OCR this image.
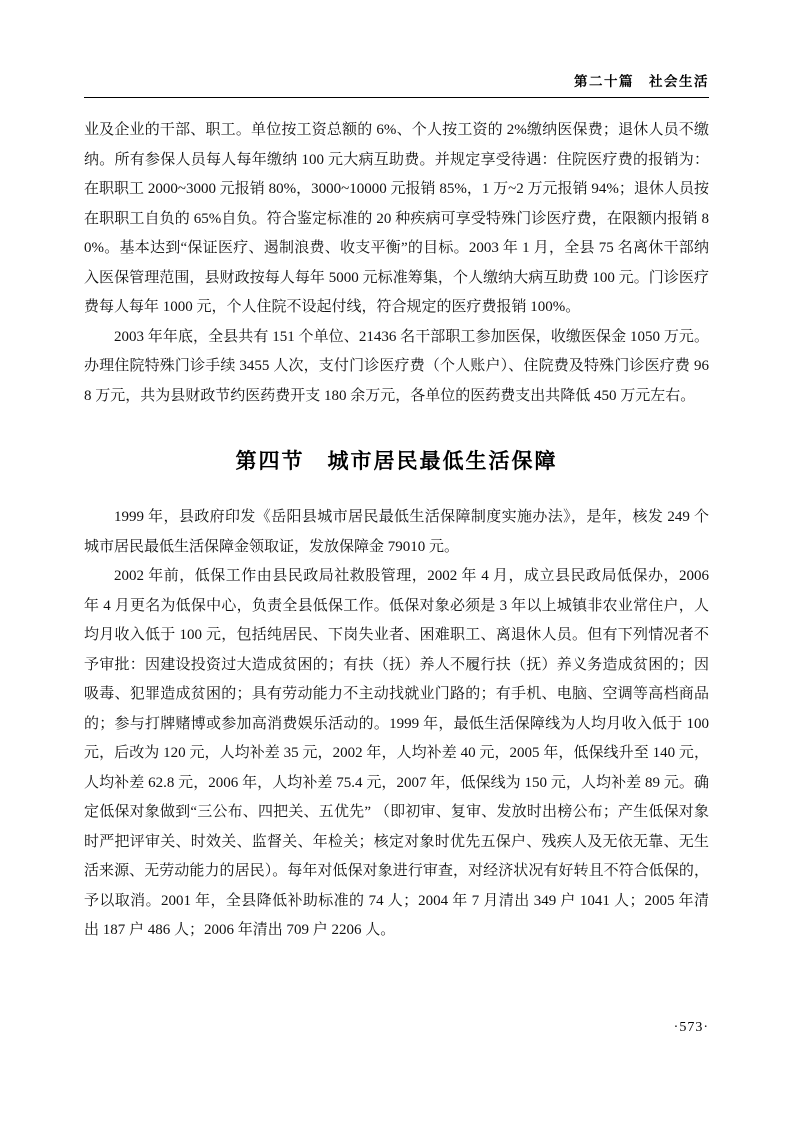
第二十篇　社会生活

业及企业的干部、职工。单位按工资总额的 6%、个人按工资的 2%缴纳医保费；退休人员不缴纳。所有参保人员每人每年缴纳 100 元大病互助费。并规定享受待遇：住院医疗费的报销为：在职职工 2000~3000 元报销 80%，3000~10000 元报销 85%，1 万~2 万元报销 94%；退休人员按在职职工自负的 65%自负。符合鉴定标准的 20 种疾病可享受特殊门诊医疗费，在限额内报销 80%。基本达到“保证医疗、遏制浪费、收支平衡”的目标。2003 年 1 月，全县 75 名离休干部纳入医保管理范围，县财政按每人每年 5000 元标准筹集，个人缴纳大病互助费 100 元。门诊医疗费每人每年 1000 元，个人住院不设起付线，符合规定的医疗费报销 100%。

2003 年年底，全县共有 151 个单位、21436 名干部职工参加医保，收缴医保金 1050 万元。办理住院特殊门诊手续 3455 人次，支付门诊医疗费（个人账户）、住院费及特殊门诊医疗费 968 万元，共为县财政节约医药费开支 180 余万元，各单位的医药费支出共降低 450 万元左右。

第四节　城市居民最低生活保障

1999 年，县政府印发《岳阳县城市居民最低生活保障制度实施办法》，是年，核发 249 个城市居民最低生活保障金领取证，发放保障金 79010 元。

2002 年前，低保工作由县民政局社救股管理，2002 年 4 月，成立县民政局低保办，2006 年 4 月更名为低保中心，负责全县低保工作。低保对象必须是 3 年以上城镇非农业常住户，人均月收入低于 100 元，包括纯居民、下岗失业者、困难职工、离退休人员。但有下列情况者不予审批：因建设投资过大造成贫困的；有扶（抚）养人不履行扶（抚）养义务造成贫困的；因吸毒、犯罪造成贫困的；具有劳动能力不主动找就业门路的；有手机、电脑、空调等高档商品的；参与打牌赌博或参加高消费娱乐活动的。1999 年，最低生活保障线为人均月收入低于 100 元，后改为 120 元，人均补差 35 元，2002 年，人均补差 40 元，2005 年，低保线升至 140 元，人均补差 62.8 元，2006 年，人均补差 75.4 元，2007 年，低保线为 150 元，人均补差 89 元。确定低保对象做到“三公布、四把关、五优先” （即初审、复审、发放时出榜公布；产生低保对象时严把评审关、时效关、监督关、年检关；核定对象时优先五保户、残疾人及无依无靠、无生活来源、无劳动能力的居民）。每年对低保对象进行审查，对经济状况有好转且不符合低保的，予以取消。2001 年，全县降低补助标准的 74 人；2004 年 7 月清出 349 户 1041 人；2005 年清出 187 户 486 人；2006 年清出 709 户 2206 人。

·573·
